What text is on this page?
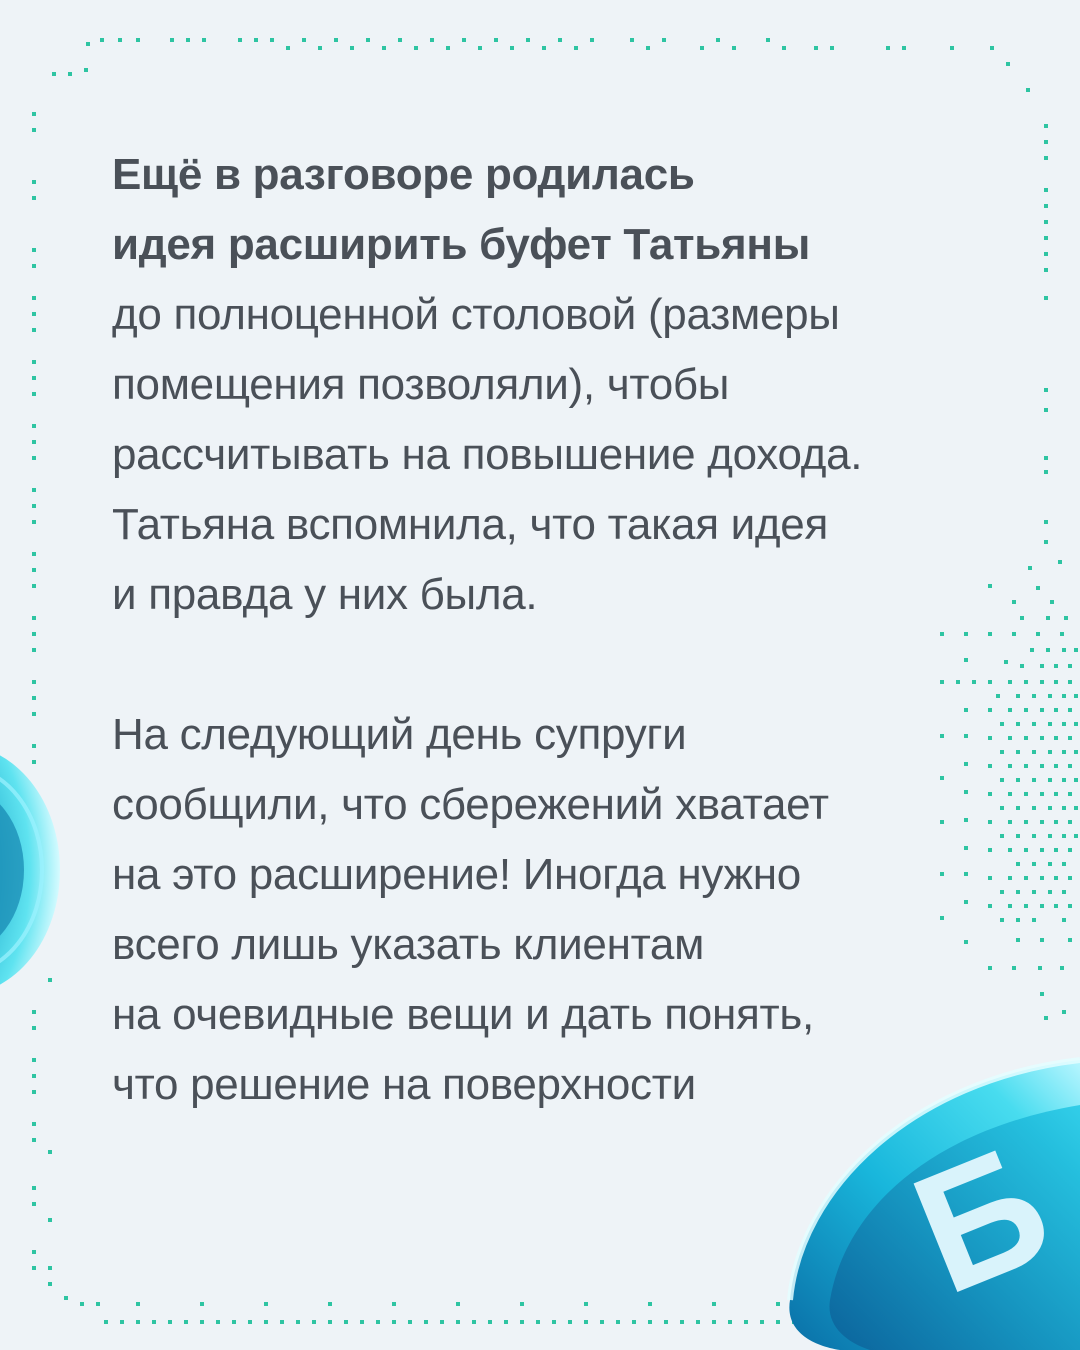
Б
Ещё в разговоре родилась
идея расширить буфет Татьяны
до полноценной столовой (размеры
помещения позволяли), чтобы
рассчитывать на повышение дохода.
Татьяна вспомнила, что такая идея
и правда у них была.
На следующий день супруги
сообщили, что сбережений хватает
на это расширение! Иногда нужно
всего лишь указать клиентам
на очевидные вещи и дать понять,
что решение на поверхности
